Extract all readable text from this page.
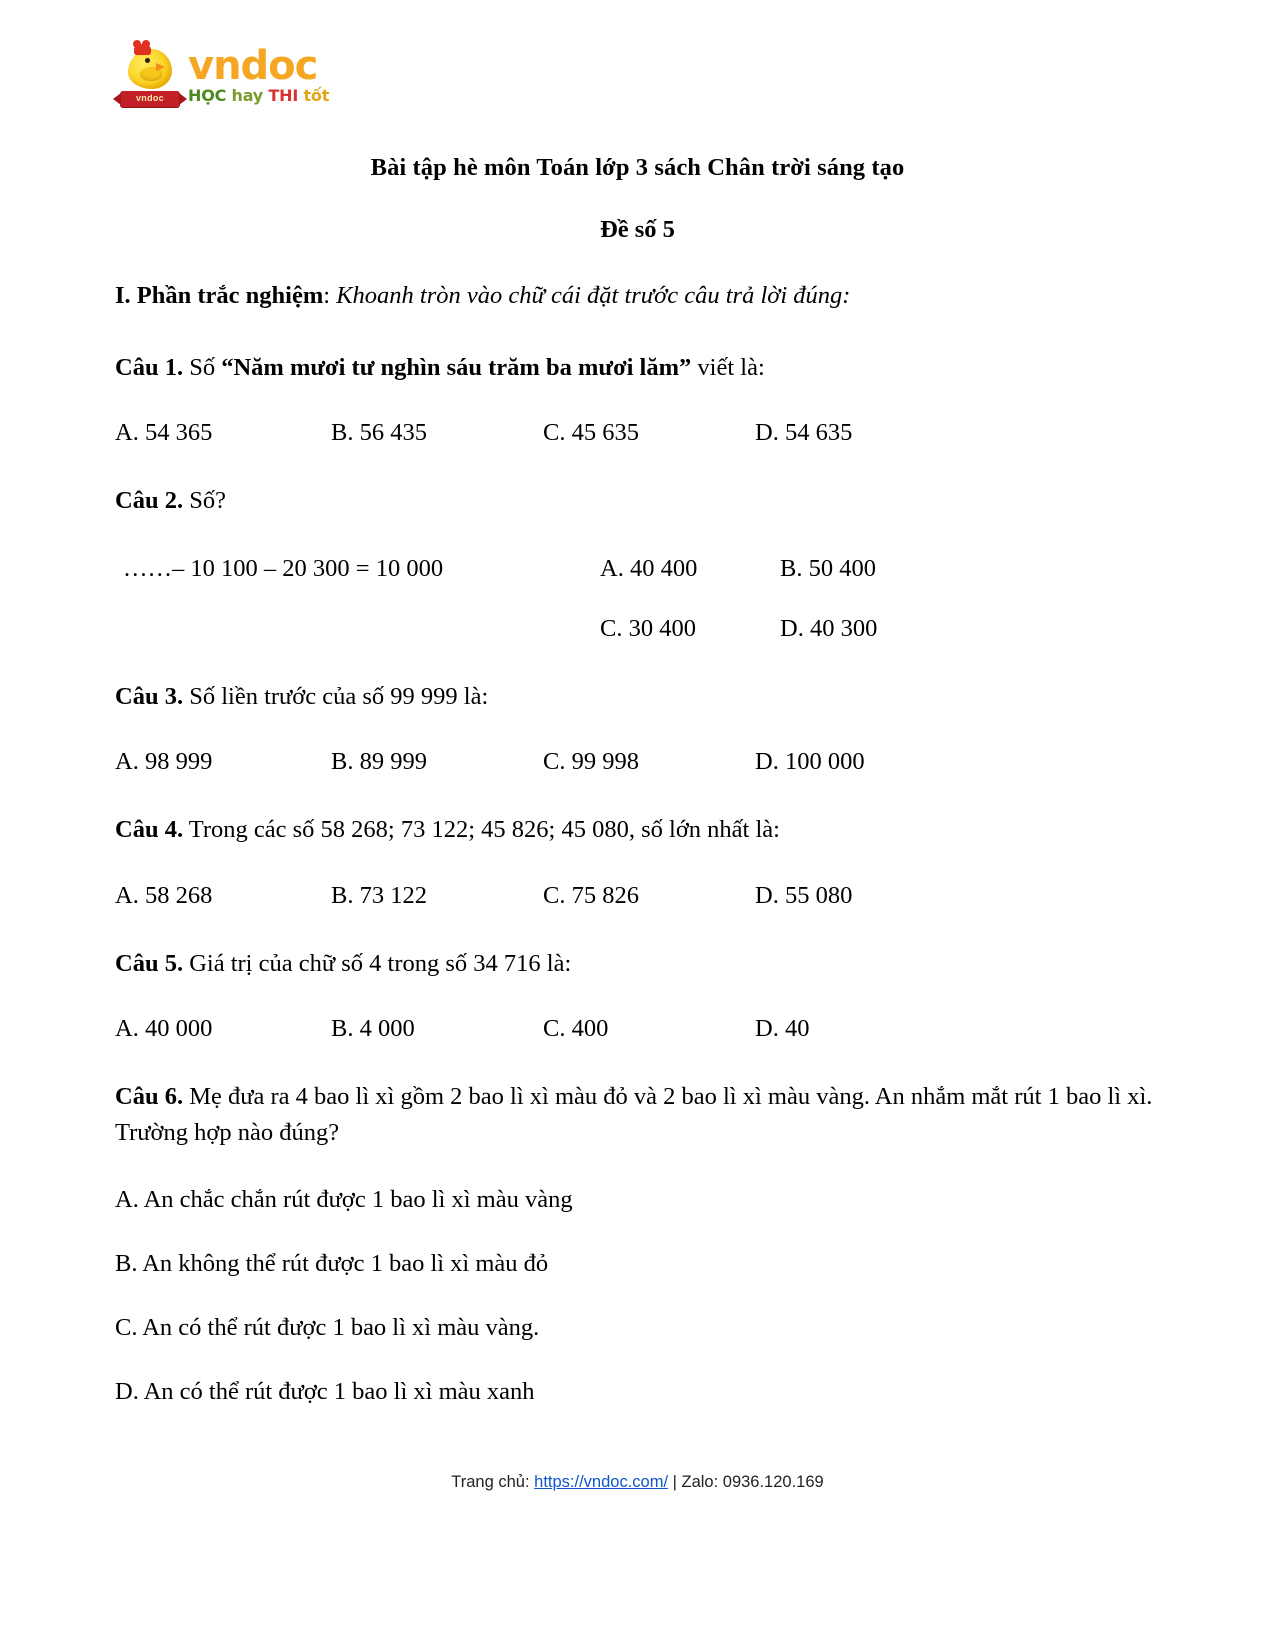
vndoc
vndoc
HỌC hay THI tốt
Bài tập hè môn Toán lớp 3 sách Chân trời sáng tạo
Đề số 5
I. Phần trắc nghiệm: Khoanh tròn vào chữ cái đặt trước câu trả lời đúng:
Câu 1. Số “Năm mươi tư nghìn sáu trăm ba mươi lăm” viết là:
A. 54 365	B. 56 435	C. 45 635	D. 54 635
Câu 2. Số?
……– 10 100 – 20 300 = 10 000	A. 40 400	B. 50 400
C. 30 400	D. 40 300
Câu 3. Số liền trước của số 99 999 là:
A. 98 999	B. 89 999	C. 99 998	D. 100 000
Câu 4. Trong các số 58 268; 73 122; 45 826; 45 080, số lớn nhất là:
A. 58 268	B. 73 122	C. 75 826	D. 55 080
Câu 5. Giá trị của chữ số 4 trong số 34 716 là:
A. 40 000	B. 4 000	C. 400	D. 40
Câu 6. Mẹ đưa ra 4 bao lì xì gồm 2 bao lì xì màu đỏ và 2 bao lì xì màu vàng. An nhắm mắt rút 1 bao lì xì. Trường hợp nào đúng?
A. An chắc chắn rút được 1 bao lì xì màu vàng
B. An không thể rút được 1 bao lì xì màu đỏ
C. An có thể rút được 1 bao lì xì màu vàng.
D. An có thể rút được 1 bao lì xì màu xanh
Trang chủ: https://vndoc.com/ | Zalo: 0936.120.169
